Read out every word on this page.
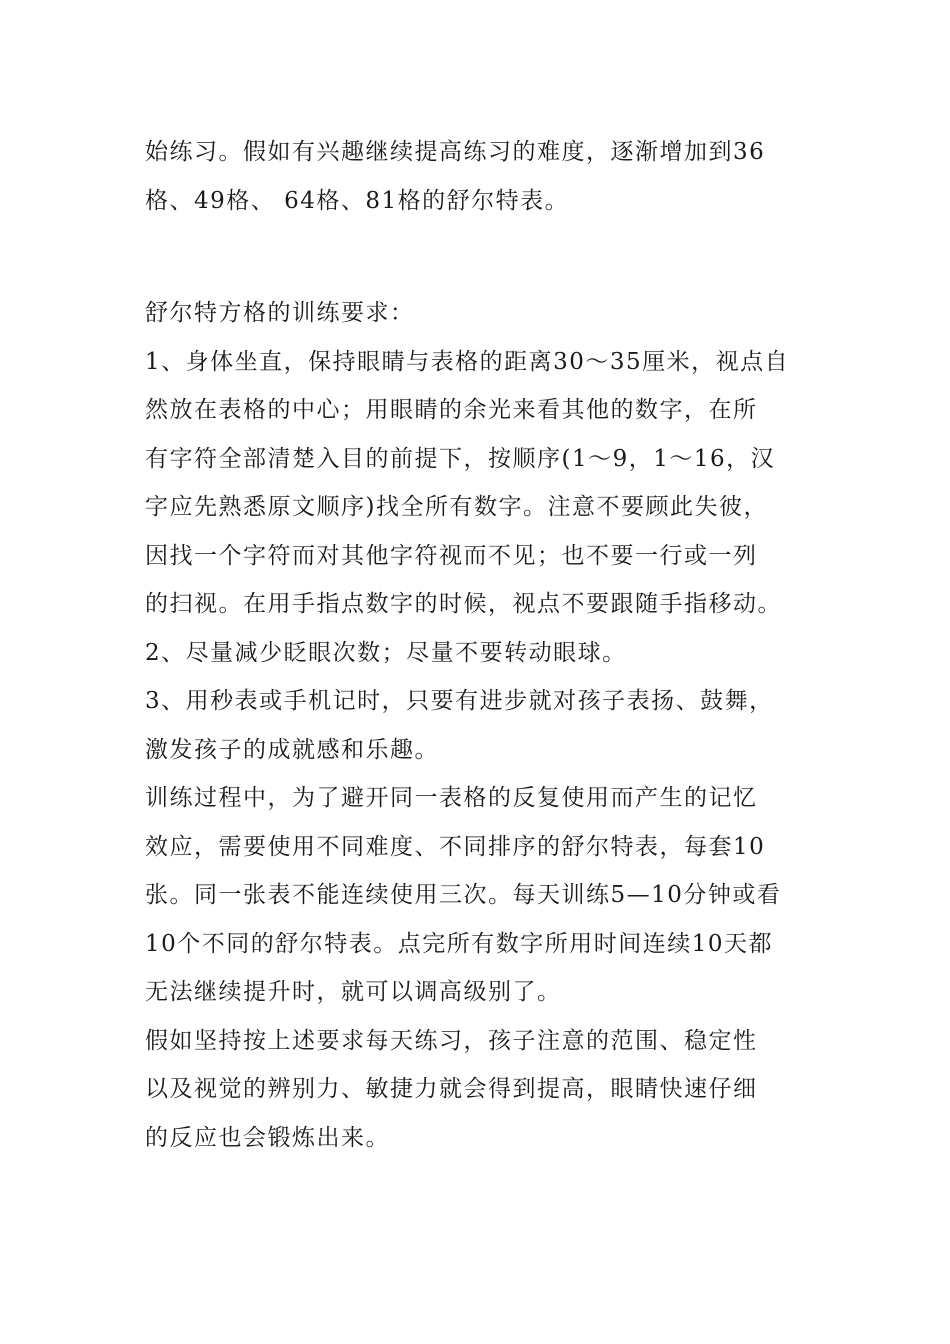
始练习。假如有兴趣继续提高练习的难度，逐渐增加到36
格、49格、 64格、81格的舒尔特表。
舒尔特方格的训练要求：
1、身体坐直，保持眼睛与表格的距离30～35厘米，视点自
然放在表格的中心；用眼睛的余光来看其他的数字，在所
有字符全部清楚入目的前提下，按顺序(1～9，1～16，汉
字应先熟悉原文顺序)找全所有数字。注意不要顾此失彼，
因找一个字符而对其他字符视而不见；也不要一行或一列
的扫视。在用手指点数字的时候，视点不要跟随手指移动。
2、尽量减少眨眼次数；尽量不要转动眼球。
3、用秒表或手机记时，只要有进步就对孩子表扬、鼓舞，
激发孩子的成就感和乐趣。
训练过程中，为了避开同一表格的反复使用而产生的记忆
效应，需要使用不同难度、不同排序的舒尔特表，每套10
张。同一张表不能连续使用三次。每天训练5—10分钟或看
10个不同的舒尔特表。点完所有数字所用时间连续10天都
无法继续提升时，就可以调高级别了。
假如坚持按上述要求每天练习，孩子注意的范围、稳定性
以及视觉的辨别力、敏捷力就会得到提高，眼睛快速仔细
的反应也会锻炼出来。
